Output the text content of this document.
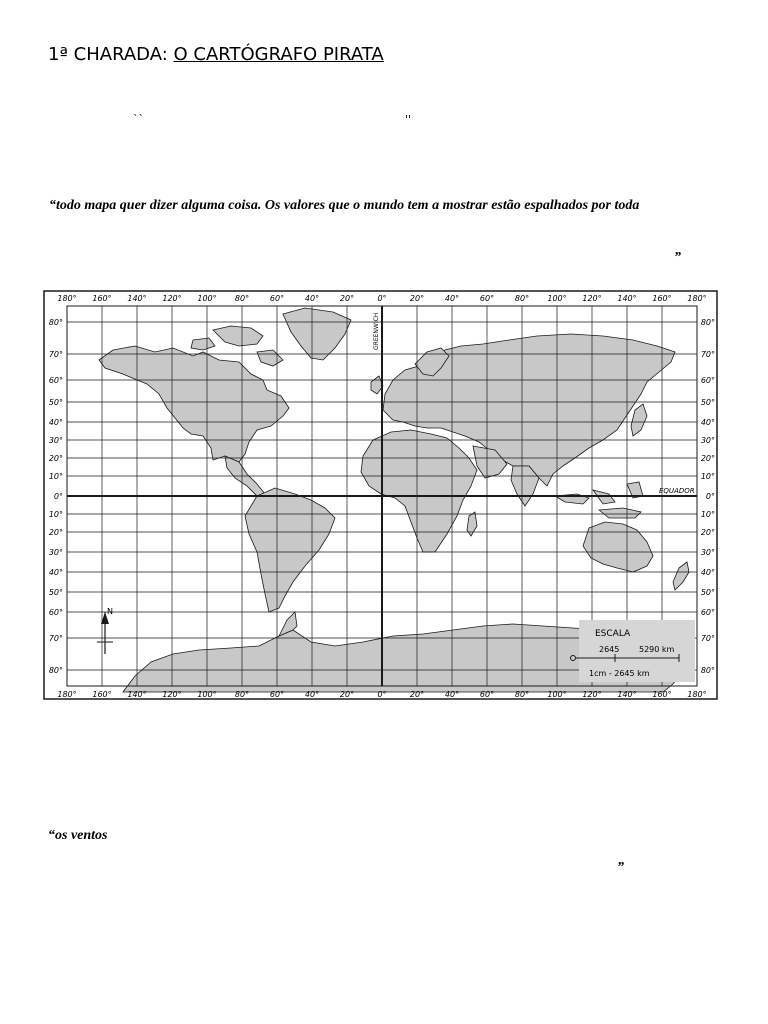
1ª CHARADA: O CARTÓGRAFO PIRATA
``	''
“todo mapa quer dizer alguma coisa. Os valores que o mundo tem a mostrar estão espalhados por toda
”
GREENWICH
EQUADOR
180° 160° 140° 120° 100° 80°	60°	40°	20°	0°	20°	40°	60°	80° 100° 120° 140° 160° 180°
180° 160° 140° 120° 100° 80°	60°	40°	20°	0°	20°	40°	60°	80° 100° 120° 140° 160° 180°
80°
70°
60°
50°
40°
30°
20°
10°
0°
10°
20°
30°
40°
50°
60°
70°
80°
80°
70°
60°
50°
40°
30°
20°
10°
0°
10°
20°
30°
40°
50°
60°
70°
80°
N
ESCALA
2645 5290 km
1cm - 2645 km
“os ventos
”
